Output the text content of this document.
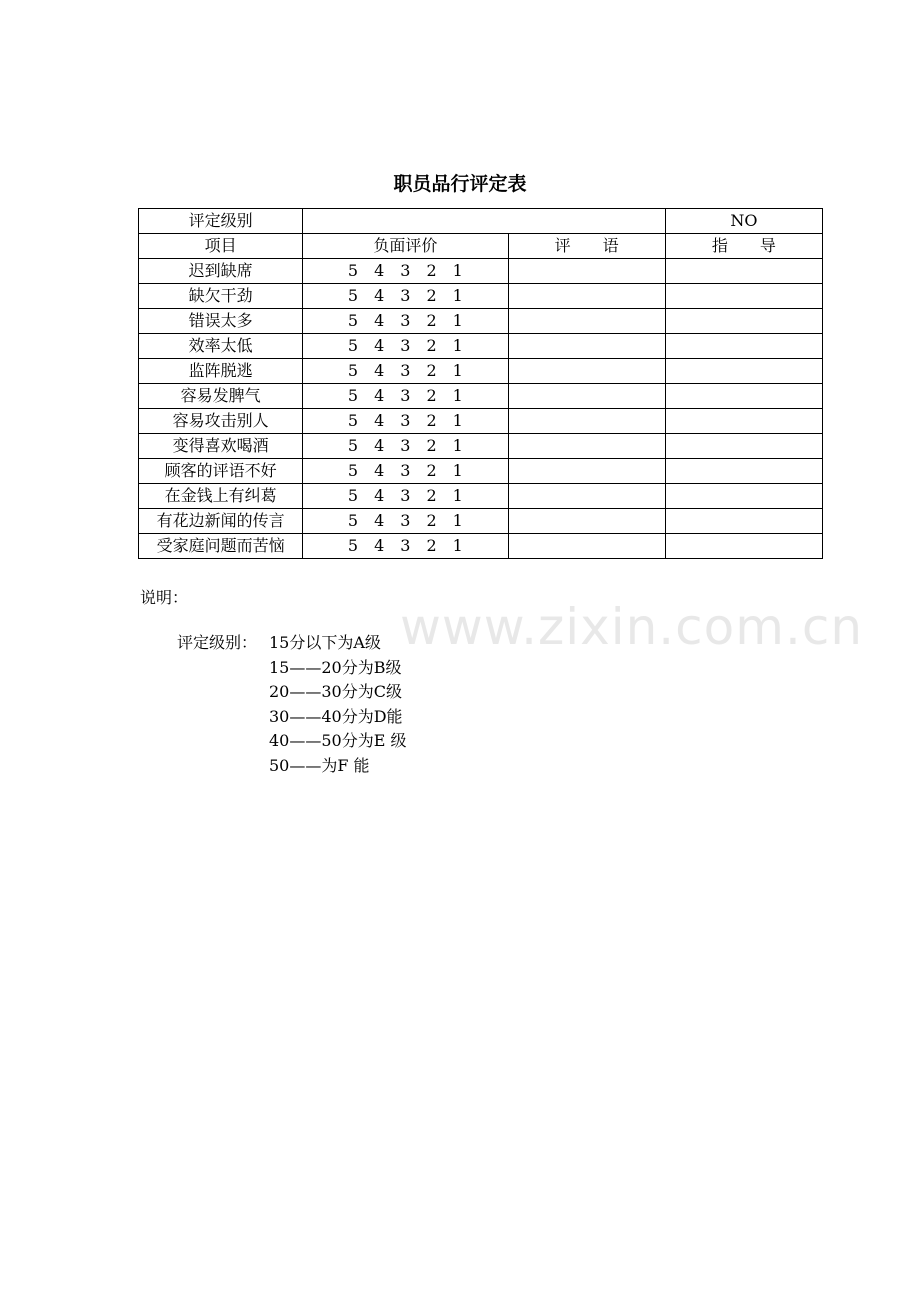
职员品行评定表
评定级别			NO
项目	负面评价	评　　语	指　　导
迟到缺席	5　4　3　2　1		
缺欠干劲	5　4　3　2　1		
错误太多	5　4　3　2　1		
效率太低	5　4　3　2　1		
监阵脱逃	5　4　3　2　1		
容易发脾气	5　4　3　2　1		
容易攻击别人	5　4　3　2　1		
变得喜欢喝酒	5　4　3　2　1		
顾客的评语不好	5　4　3　2　1		
在金钱上有纠葛	5　4　3　2　1		
有花边新闻的传言	5　4　3　2　1		
受家庭问题而苦恼	5　4　3　2　1		
说明：
www.zixin.com.cn
评定级别： 15分以下为A级
15——20分为B级
20——30分为C级
30——40分为D能
40——50分为E 级
50——为F 能
